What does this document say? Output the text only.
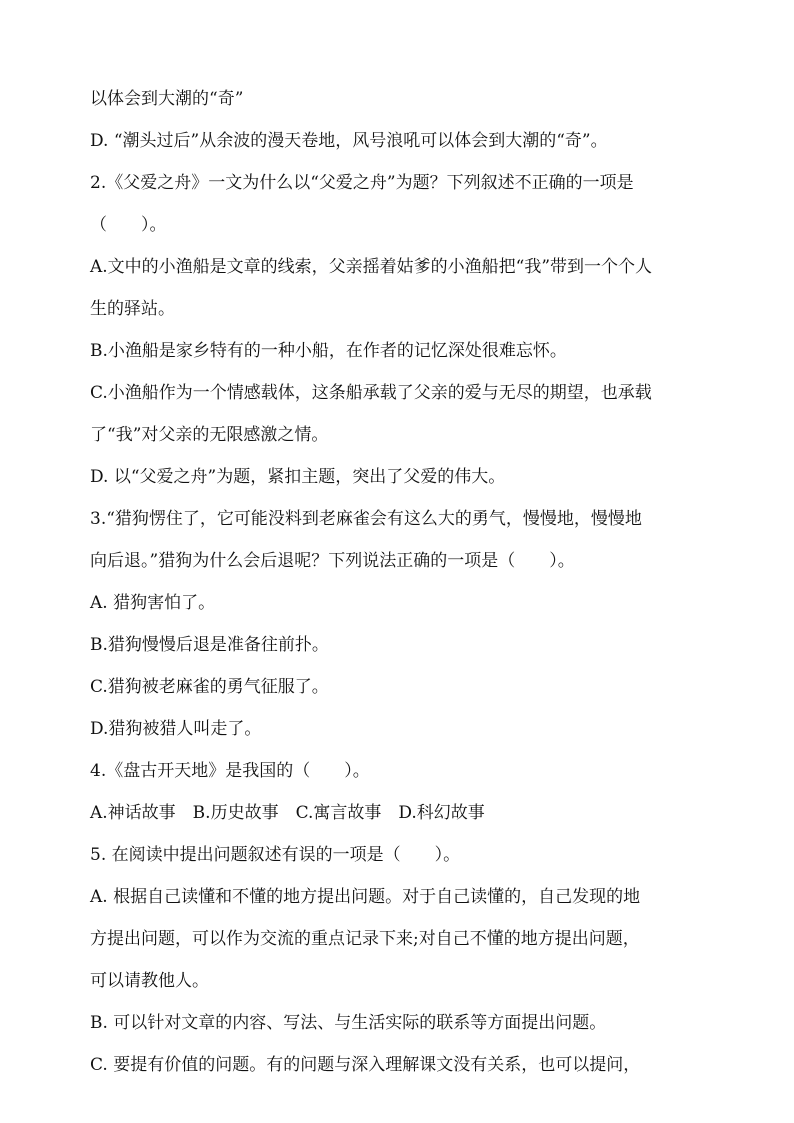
以体会到大潮的“奇”
D. “潮头过后”从余波的漫天卷地，风号浪吼可以体会到大潮的“奇”。
2.《父爱之舟》一文为什么以“父爱之舟”为题？下列叙述不正确的一项是
（　　）。
A.文中的小渔船是文章的线索，父亲摇着姑爹的小渔船把“我”带到一个个人
生的驿站。
B.小渔船是家乡特有的一种小船，在作者的记忆深处很难忘怀。
C.小渔船作为一个情感载体，这条船承载了父亲的爱与无尽的期望，也承载
了“我”对父亲的无限感激之情。
D. 以“父爱之舟”为题，紧扣主题，突出了父爱的伟大。
3.“猎狗愣住了，它可能没料到老麻雀会有这么大的勇气，慢慢地，慢慢地
向后退。”猎狗为什么会后退呢？下列说法正确的一项是（　　）。
A. 猎狗害怕了。
B.猎狗慢慢后退是准备往前扑。
C.猎狗被老麻雀的勇气征服了。
D.猎狗被猎人叫走了。
4.《盘古开天地》是我国的（　　）。
A.神话故事　B.历史故事　C.寓言故事　D.科幻故事
5. 在阅读中提出问题叙述有误的一项是（　　）。
A. 根据自己读懂和不懂的地方提出问题。对于自己读懂的，自己发现的地
方提出问题，可以作为交流的重点记录下来;对自己不懂的地方提出问题，
可以请教他人。
B. 可以针对文章的内容、写法、与生活实际的联系等方面提出问题。
C. 要提有价值的问题。有的问题与深入理解课文没有关系，也可以提问，
